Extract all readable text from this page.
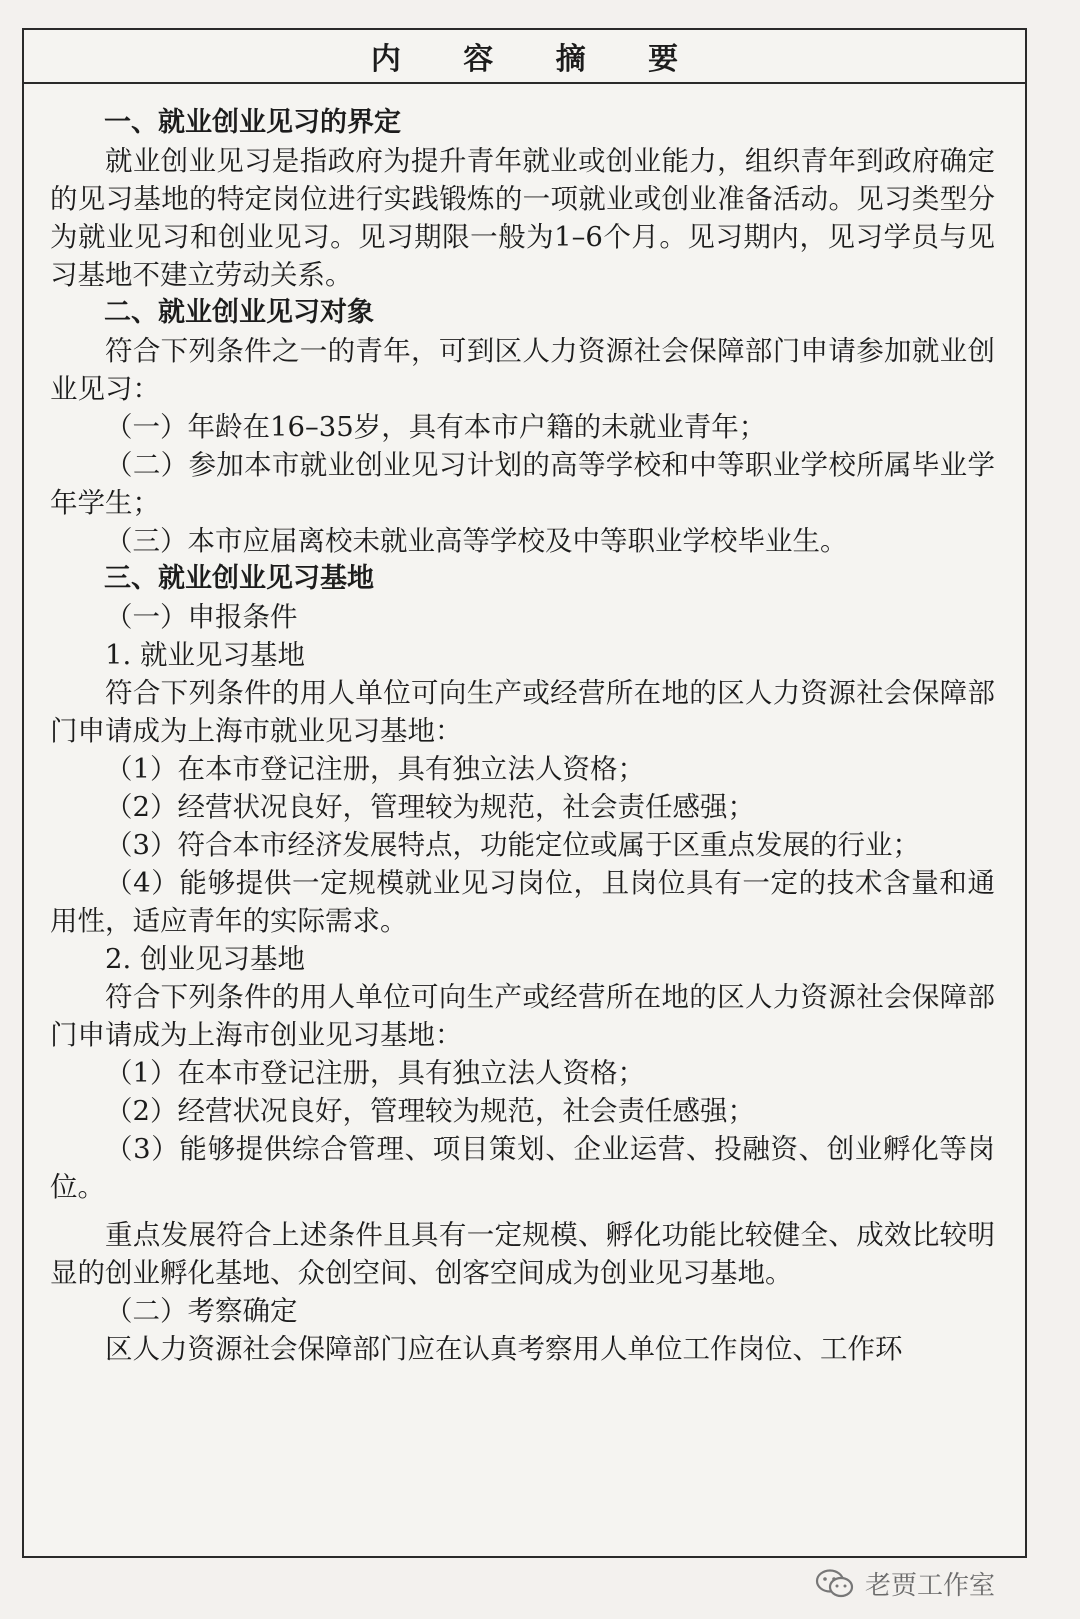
内 容 摘 要

一、就业创业见习的界定

就业创业见习是指政府为提升青年就业或创业能力，组织青年到政府确定的见习基地的特定岗位进行实践锻炼的一项就业或创业准备活动。见习类型分为就业见习和创业见习。见习期限一般为1–6个月。见习期内，见习学员与见习基地不建立劳动关系。

二、就业创业见习对象

符合下列条件之一的青年，可到区人力资源社会保障部门申请参加就业创业见习：

（一）年龄在16–35岁，具有本市户籍的未就业青年；

（二）参加本市就业创业见习计划的高等学校和中等职业学校所属毕业学年学生；

（三）本市应届离校未就业高等学校及中等职业学校毕业生。

三、就业创业见习基地

（一）申报条件

1. 就业见习基地

符合下列条件的用人单位可向生产或经营所在地的区人力资源社会保障部门申请成为上海市就业见习基地：

（1）在本市登记注册，具有独立法人资格；

（2）经营状况良好，管理较为规范，社会责任感强；

（3）符合本市经济发展特点，功能定位或属于区重点发展的行业；

（4）能够提供一定规模就业见习岗位，且岗位具有一定的技术含量和通用性，适应青年的实际需求。

2. 创业见习基地

符合下列条件的用人单位可向生产或经营所在地的区人力资源社会保障部门申请成为上海市创业见习基地：

（1）在本市登记注册，具有独立法人资格；

（2）经营状况良好，管理较为规范，社会责任感强；

（3）能够提供综合管理、项目策划、企业运营、投融资、创业孵化等岗位。

重点发展符合上述条件且具有一定规模、孵化功能比较健全、成效比较明显的创业孵化基地、众创空间、创客空间成为创业见习基地。

（二）考察确定

区人力资源社会保障部门应在认真考察用人单位工作岗位、工作环

老贾工作室
